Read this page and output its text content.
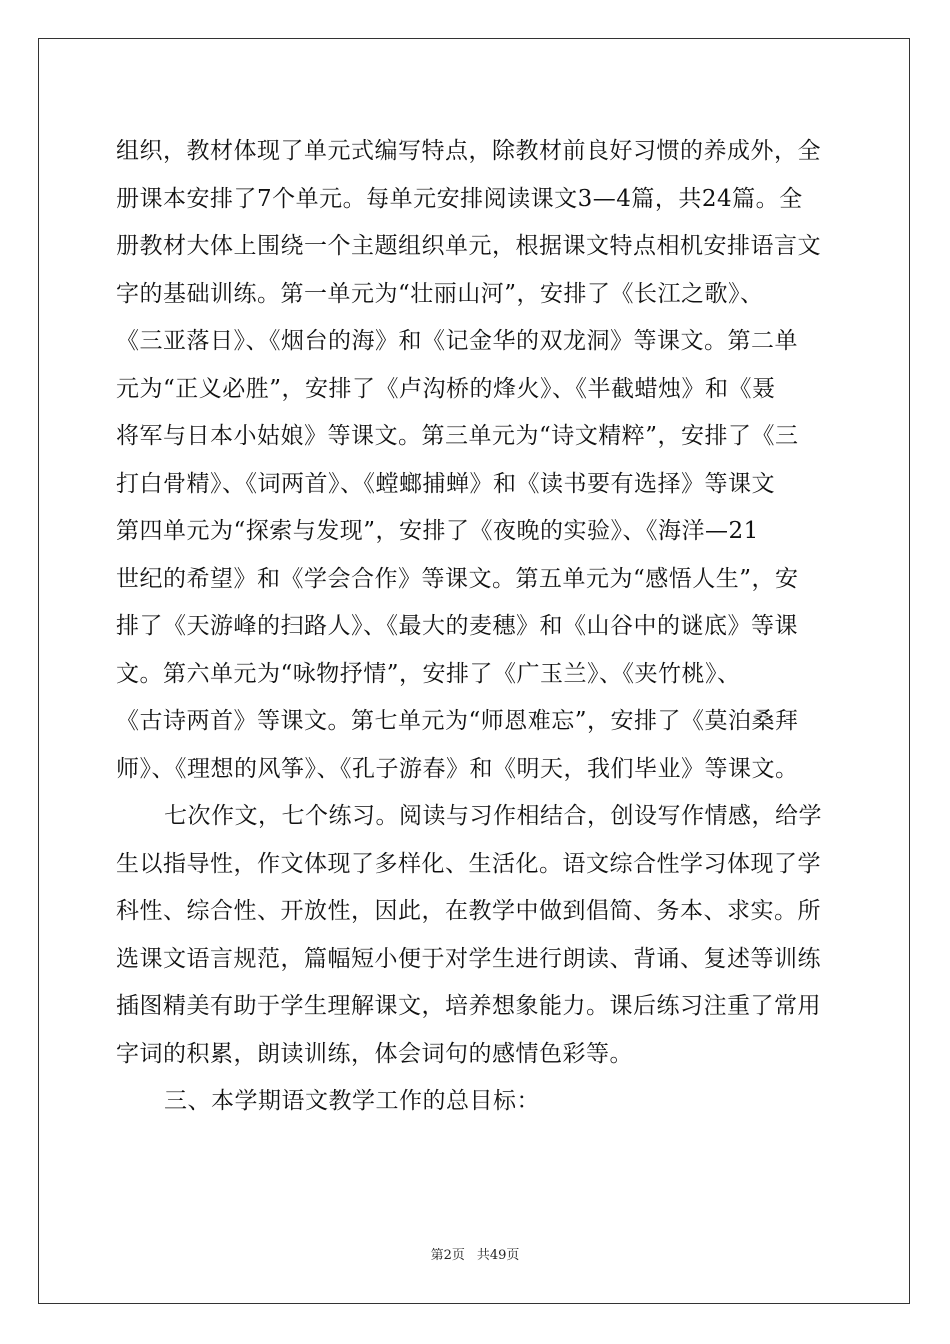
组织，教材体现了单元式编写特点，除教材前良好习惯的养成外，全
册课本安排了7个单元。每单元安排阅读课文3—4篇，共24篇。全
册教材大体上围绕一个主题组织单元，根据课文特点相机安排语言文
字的基础训练。第一单元为“壮丽山河”，安排了《长江之歌》、
《三亚落日》、《烟台的海》和《记金华的双龙洞》等课文。第二单
元为“正义必胜”，安排了《卢沟桥的烽火》、《半截蜡烛》和《聂
将军与日本小姑娘》等课文。第三单元为“诗文精粹”，安排了《三
打白骨精》、《词两首》、《螳螂捕蝉》和《读书要有选择》等课文
第四单元为“探索与发现”，安排了《夜晚的实验》、《海洋—21
世纪的希望》和《学会合作》等课文。第五单元为“感悟人生”，安
排了《天游峰的扫路人》、《最大的麦穗》和《山谷中的谜底》等课
文。第六单元为“咏物抒情”，安排了《广玉兰》、《夹竹桃》、
《古诗两首》等课文。第七单元为“师恩难忘”，安排了《莫泊桑拜
师》、《理想的风筝》、《孔子游春》和《明天，我们毕业》等课文。
七次作文，七个练习。阅读与习作相结合，创设写作情感，给学
生以指导性，作文体现了多样化、生活化。语文综合性学习体现了学
科性、综合性、开放性，因此，在教学中做到倡简、务本、求实。所
选课文语言规范，篇幅短小便于对学生进行朗读、背诵、复述等训练
插图精美有助于学生理解课文，培养想象能力。课后练习注重了常用
字词的积累，朗读训练，体会词句的感情色彩等。
三、本学期语文教学工作的总目标：
第2页 共49页
